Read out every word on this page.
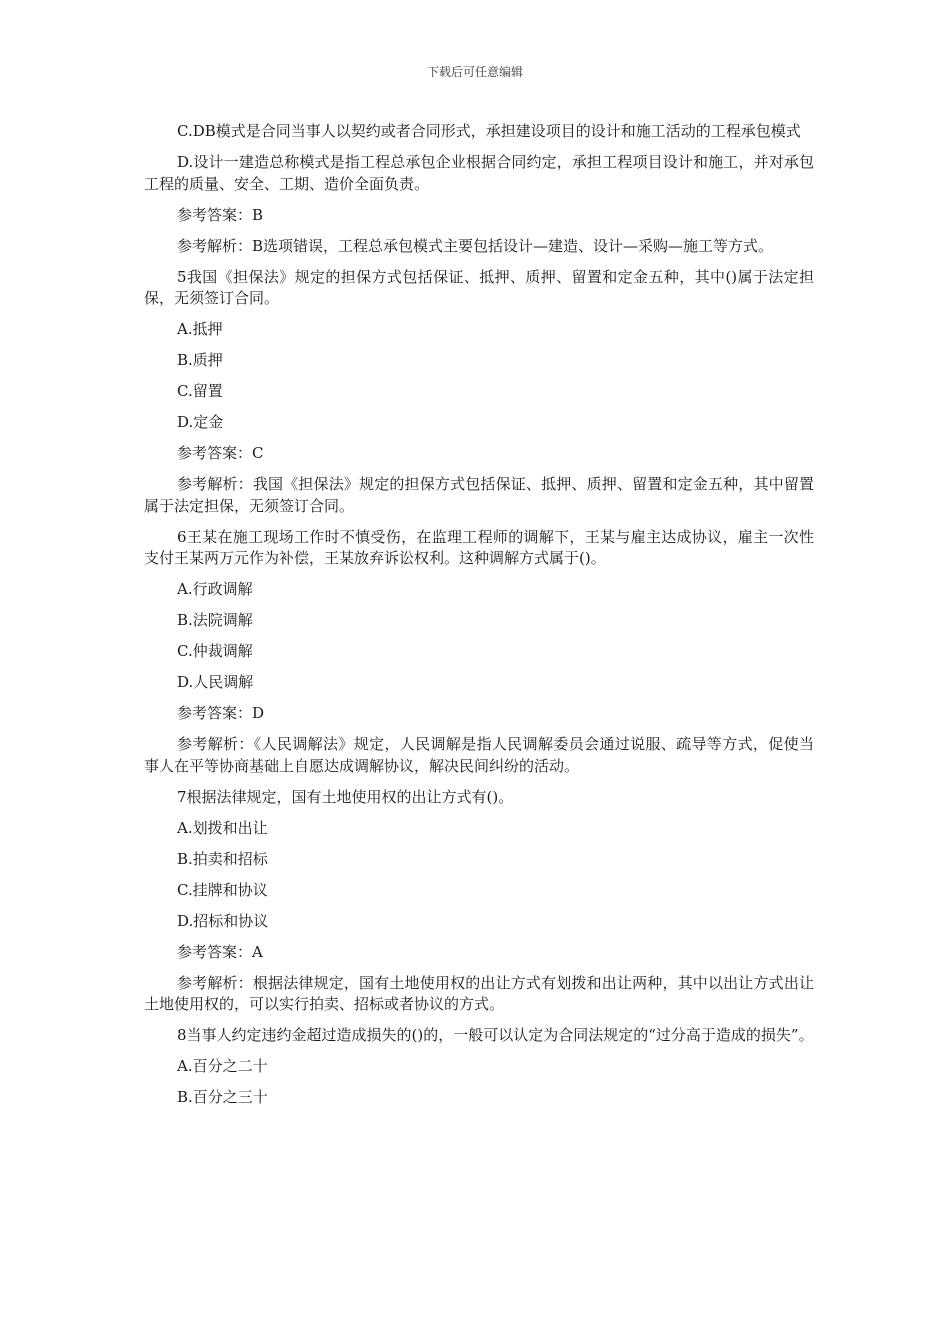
下载后可任意编辑

C.DB模式是合同当事人以契约或者合同形式，承担建设项目的设计和施工活动的工程承包模式

D.设计一建造总称模式是指工程总承包企业根据合同约定，承担工程项目设计和施工，并对承包工程的质量、安全、工期、造价全面负责。

参考答案：B

参考解析：B选项错误，工程总承包模式主要包括设计—建造、设计—采购—施工等方式。

5我国《担保法》规定的担保方式包括保证、抵押、质押、留置和定金五种，其中()属于法定担保，无须签订合同。

A.抵押

B.质押

C.留置

D.定金

参考答案：C

参考解析：我国《担保法》规定的担保方式包括保证、抵押、质押、留置和定金五种，其中留置属于法定担保，无须签订合同。

6王某在施工现场工作时不慎受伤，在监理工程师的调解下，王某与雇主达成协议，雇主一次性支付王某两万元作为补偿，王某放弃诉讼权利。这种调解方式属于()。

A.行政调解

B.法院调解

C.仲裁调解

D.人民调解

参考答案：D

参考解析：《人民调解法》规定，人民调解是指人民调解委员会通过说服、疏导等方式，促使当事人在平等协商基础上自愿达成调解协议，解决民间纠纷的活动。

7根据法律规定，国有土地使用权的出让方式有()。

A.划拨和出让

B.拍卖和招标

C.挂牌和协议

D.招标和协议

参考答案：A

参考解析：根据法律规定，国有土地使用权的出让方式有划拨和出让两种，其中以出让方式出让土地使用权的，可以实行拍卖、招标或者协议的方式。

8当事人约定违约金超过造成损失的()的，一般可以认定为合同法规定的“过分高于造成的损失”。

A.百分之二十

B.百分之三十
